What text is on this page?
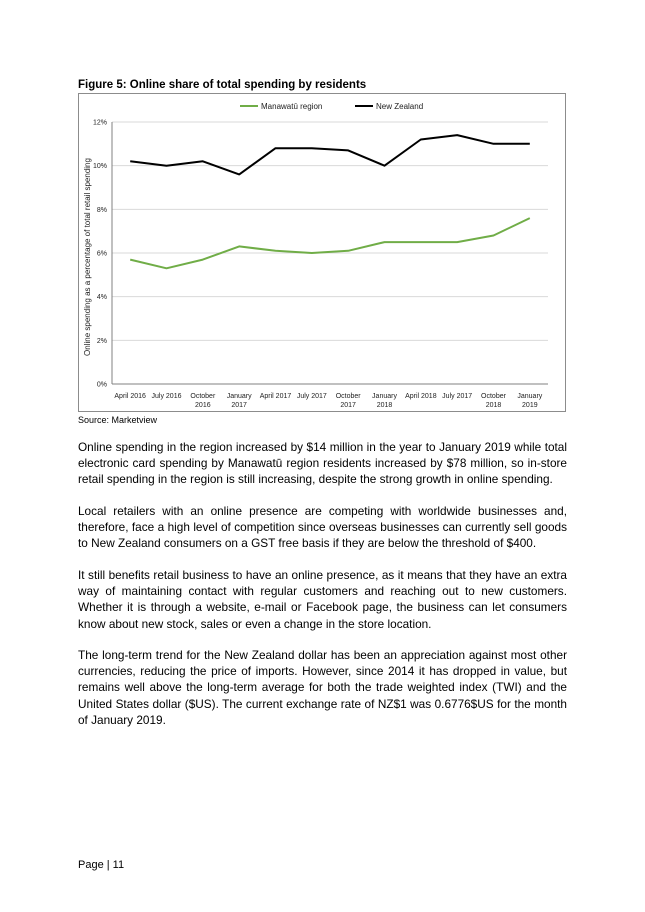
Figure 5: Online share of total spending by residents
Manawatū region	New Zealand
0%
2%
4%
6%
8%
10%
12%
April 2016 July 2016 October 2016
January 2017
April 2017 July 2017 October 2017
January 2018
April 2018 July 2017 October 2018
January 2019
Online spending as a percentage of total retail spending
Source: Marketview

Online spending in the region increased by $14 million in the year to January 2019 while total electronic card spending by Manawatū region residents increased by $78 million, so in-store retail spending in the region is still increasing, despite the strong growth in online spending.

Local retailers with an online presence are competing with worldwide businesses and, therefore, face a high level of competition since overseas businesses can currently sell goods to New Zealand consumers on a GST free basis if they are below the threshold of $400.

It still benefits retail business to have an online presence, as it means that they have an extra way of maintaining contact with regular customers and reaching out to new customers. Whether it is through a website, e-mail or Facebook page, the business can let consumers know about new stock, sales or even a change in the store location.

The long-term trend for the New Zealand dollar has been an appreciation against most other currencies, reducing the price of imports. However, since 2014 it has dropped in value, but remains well above the long-term average for both the trade weighted index (TWI) and the United States dollar ($US). The current exchange rate of NZ$1 was 0.6776$US for the month of January 2019.

Page | 11
